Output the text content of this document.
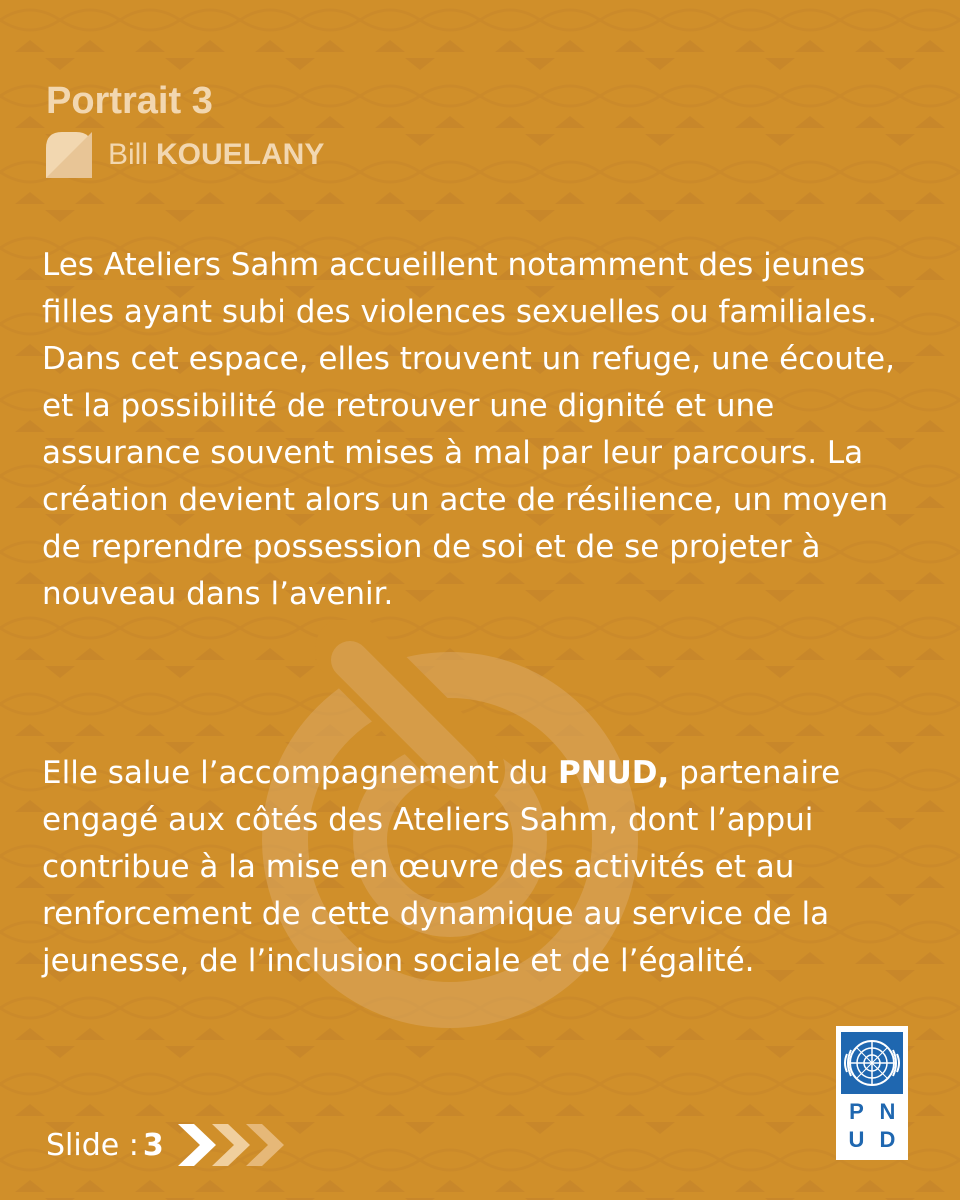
Portrait 3
Bill KOUELANY

Les Ateliers Sahm accueillent notamment des jeunes filles ayant subi des violences sexuelles ou familiales. Dans cet espace, elles trouvent un refuge, une écoute, et la possibilité de retrouver une dignité et une assurance souvent mises à mal par leur parcours. La création devient alors un acte de résilience, un moyen de reprendre possession de soi et de se projeter à nouveau dans l’avenir.

Elle salue l’accompagnement du PNUD, partenaire engagé aux côtés des Ateliers Sahm, dont l’appui contribue à la mise en œuvre des activités et au renforcement de cette dynamique au service de la jeunesse, de l’inclusion sociale et de l’égalité.

Slide : 3
P N
U D
